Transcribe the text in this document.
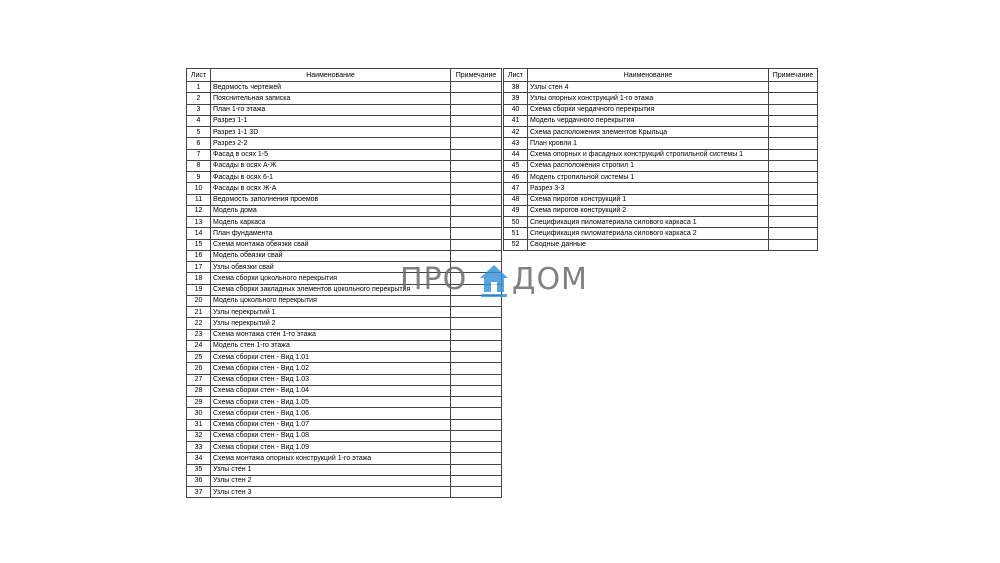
Лист	Наименование	Примечание
1	Ведомость чертежей	
2	Пояснительная записка	
3	План 1-го этажа	
4	Разрез 1-1	
5	Разрез 1-1 3D	
6	Разрез 2-2	
7	Фасад в осях 1-5	
8	Фасады в осях А-Ж	
9	Фасады в осях 6-1	
10	Фасады в осях Ж-А	
11	Ведомость заполнения проемов	
12	Модель дома	
13	Модель каркаса	
14	План фундамента	
15	Схема монтажа обвязки свай	
16	Модель обвязки свай	
17	Узлы обвязки свай	
18	Схема сборки цокольного перекрытия	
19	Схема сборки закладных элементов цокольного перекрытия	
20	Модель цокольного перекрытия	
21	Узлы перекрытий 1	
22	Узлы перекрытий 2	
23	Схема монтажа стен 1-го этажа	
24	Модель стен 1-го этажа	
25	Схема сборки стен - Вид 1.01	
26	Схема сборки стен - Вид 1.02	
27	Схема сборки стен - Вид 1.03	
28	Схема сборки стен - Вид 1.04	
29	Схема сборки стен - Вид 1.05	
30	Схема сборки стен - Вид 1.06	
31	Схема сборки стен - Вид 1.07	
32	Схема сборки стен - Вид 1.08	
33	Схема сборки стен - Вид 1.09	
34	Схема монтажа опорных конструкций 1-го этажа	
35	Узлы стен 1	
36	Узлы стен 2	
37	Узлы стен 3	
Лист	Наименование	Примечание
38	Узлы стен 4	
39	Узлы опорных конструкций 1-го этажа	
40	Схема сборки чердачного перекрытия	
41	Модель чердачного перекрытия	
42	Схема расположения элементов Крыльца	
43	План кровли 1	
44	Схема опорных и фасадных конструкций стропильной системы 1	
45	Схема расположения стропил 1	
46	Модель стропильной системы 1	
47	Разрез 3-3	
48	Схема пирогов конструкций 1	
49	Схема пирогов конструкций 2	
50	Спецификация пиломатериала силового каркаса 1	
51	Спецификация пиломатериала силового каркаса 2	
52	Сводные данные	
ПРО ДОМ
